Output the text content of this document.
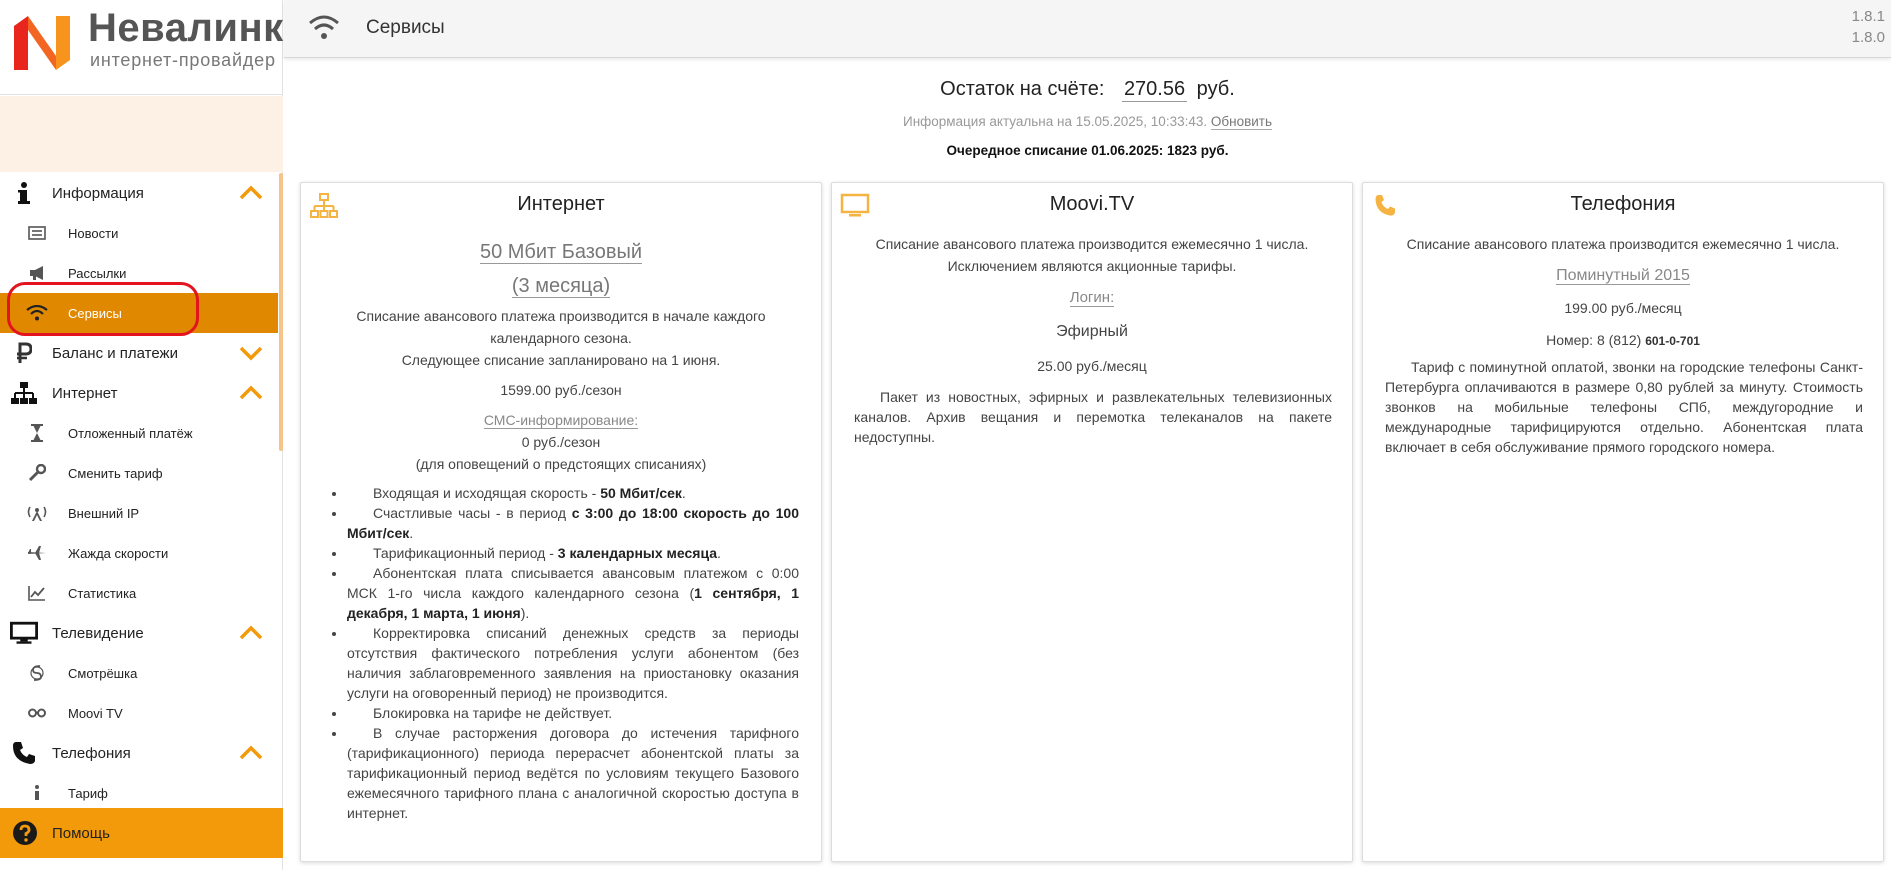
Невалинк
интернет-провайдер
Информация
Новости
Рассылки
Сервисы
Баланс и платежи
Интернет
Отложенный платёж
Сменить тариф
Внешний IP
Жажда скорости
Статистика
Телевидение
Смотрёшка
Moovi TV
Телефония
Тариф
Помощь
Сервисы
1.8.1
1.8.0
Остаток на счёте: 270.56 руб.
Информация актуальна на 15.05.2025, 10:33:43. Обновить
Очередное списание 01.06.2025: 1823 руб.
Интернет
50 Мбит Базовый
(3 месяца)
Списание авансового платежа производится в начале каждого
календарного сезона.
Следующее списание запланировано на 1 июня.
1599.00 руб./сезон
СМС-информирование:
0 руб./сезон
(для оповещений о предстоящих списаниях)
• Входящая и исходящая скорость - 50 Мбит/сек.
• Счастливые часы - в период с 3:00 до 18:00 скорость до 100 Мбит/сек.
• Тарификационный период - 3 календарных месяца.
• Абонентская плата списывается авансовым платежом с 0:00 МСК 1-го числа каждого календарного сезона (1 сентября, 1 декабря, 1 марта, 1 июня).
• Корректировка списаний денежных средств за периоды отсутствия фактического потребления услуги абонентом (без наличия заблаговременного заявления на приостановку оказания услуги на оговоренный период) не производится.
• Блокировка на тарифе не действует.
• В случае расторжения договора до истечения тарифного (тарификационного) периода перерасчет абонентской платы за тарификационный период ведётся по условиям текущего Базового ежемесячного тарифного плана с аналогичной скоростью доступа в интернет.
Moovi.TV
Списание авансового платежа производится ежемесячно 1 числа.
Исключением являются акционные тарифы.
Логин:
Эфирный
25.00 руб./месяц
Пакет из новостных, эфирных и развлекательных телевизионных каналов. Архив вещания и перемотка телеканалов на пакете недоступны.
Телефония
Списание авансового платежа производится ежемесячно 1 числа.
Поминутный 2015
199.00 руб./месяц
Номер: 8 (812) 601-0-701
Тариф с поминутной оплатой, звонки на городские телефоны Санкт-Петербурга оплачиваются в размере 0,80 рублей за минуту. Стоимость звонков на мобильные телефоны СПб, междугородние и международные тарифицируются отдельно. Абонентская плата включает в себя обслуживание прямого городского номера.
